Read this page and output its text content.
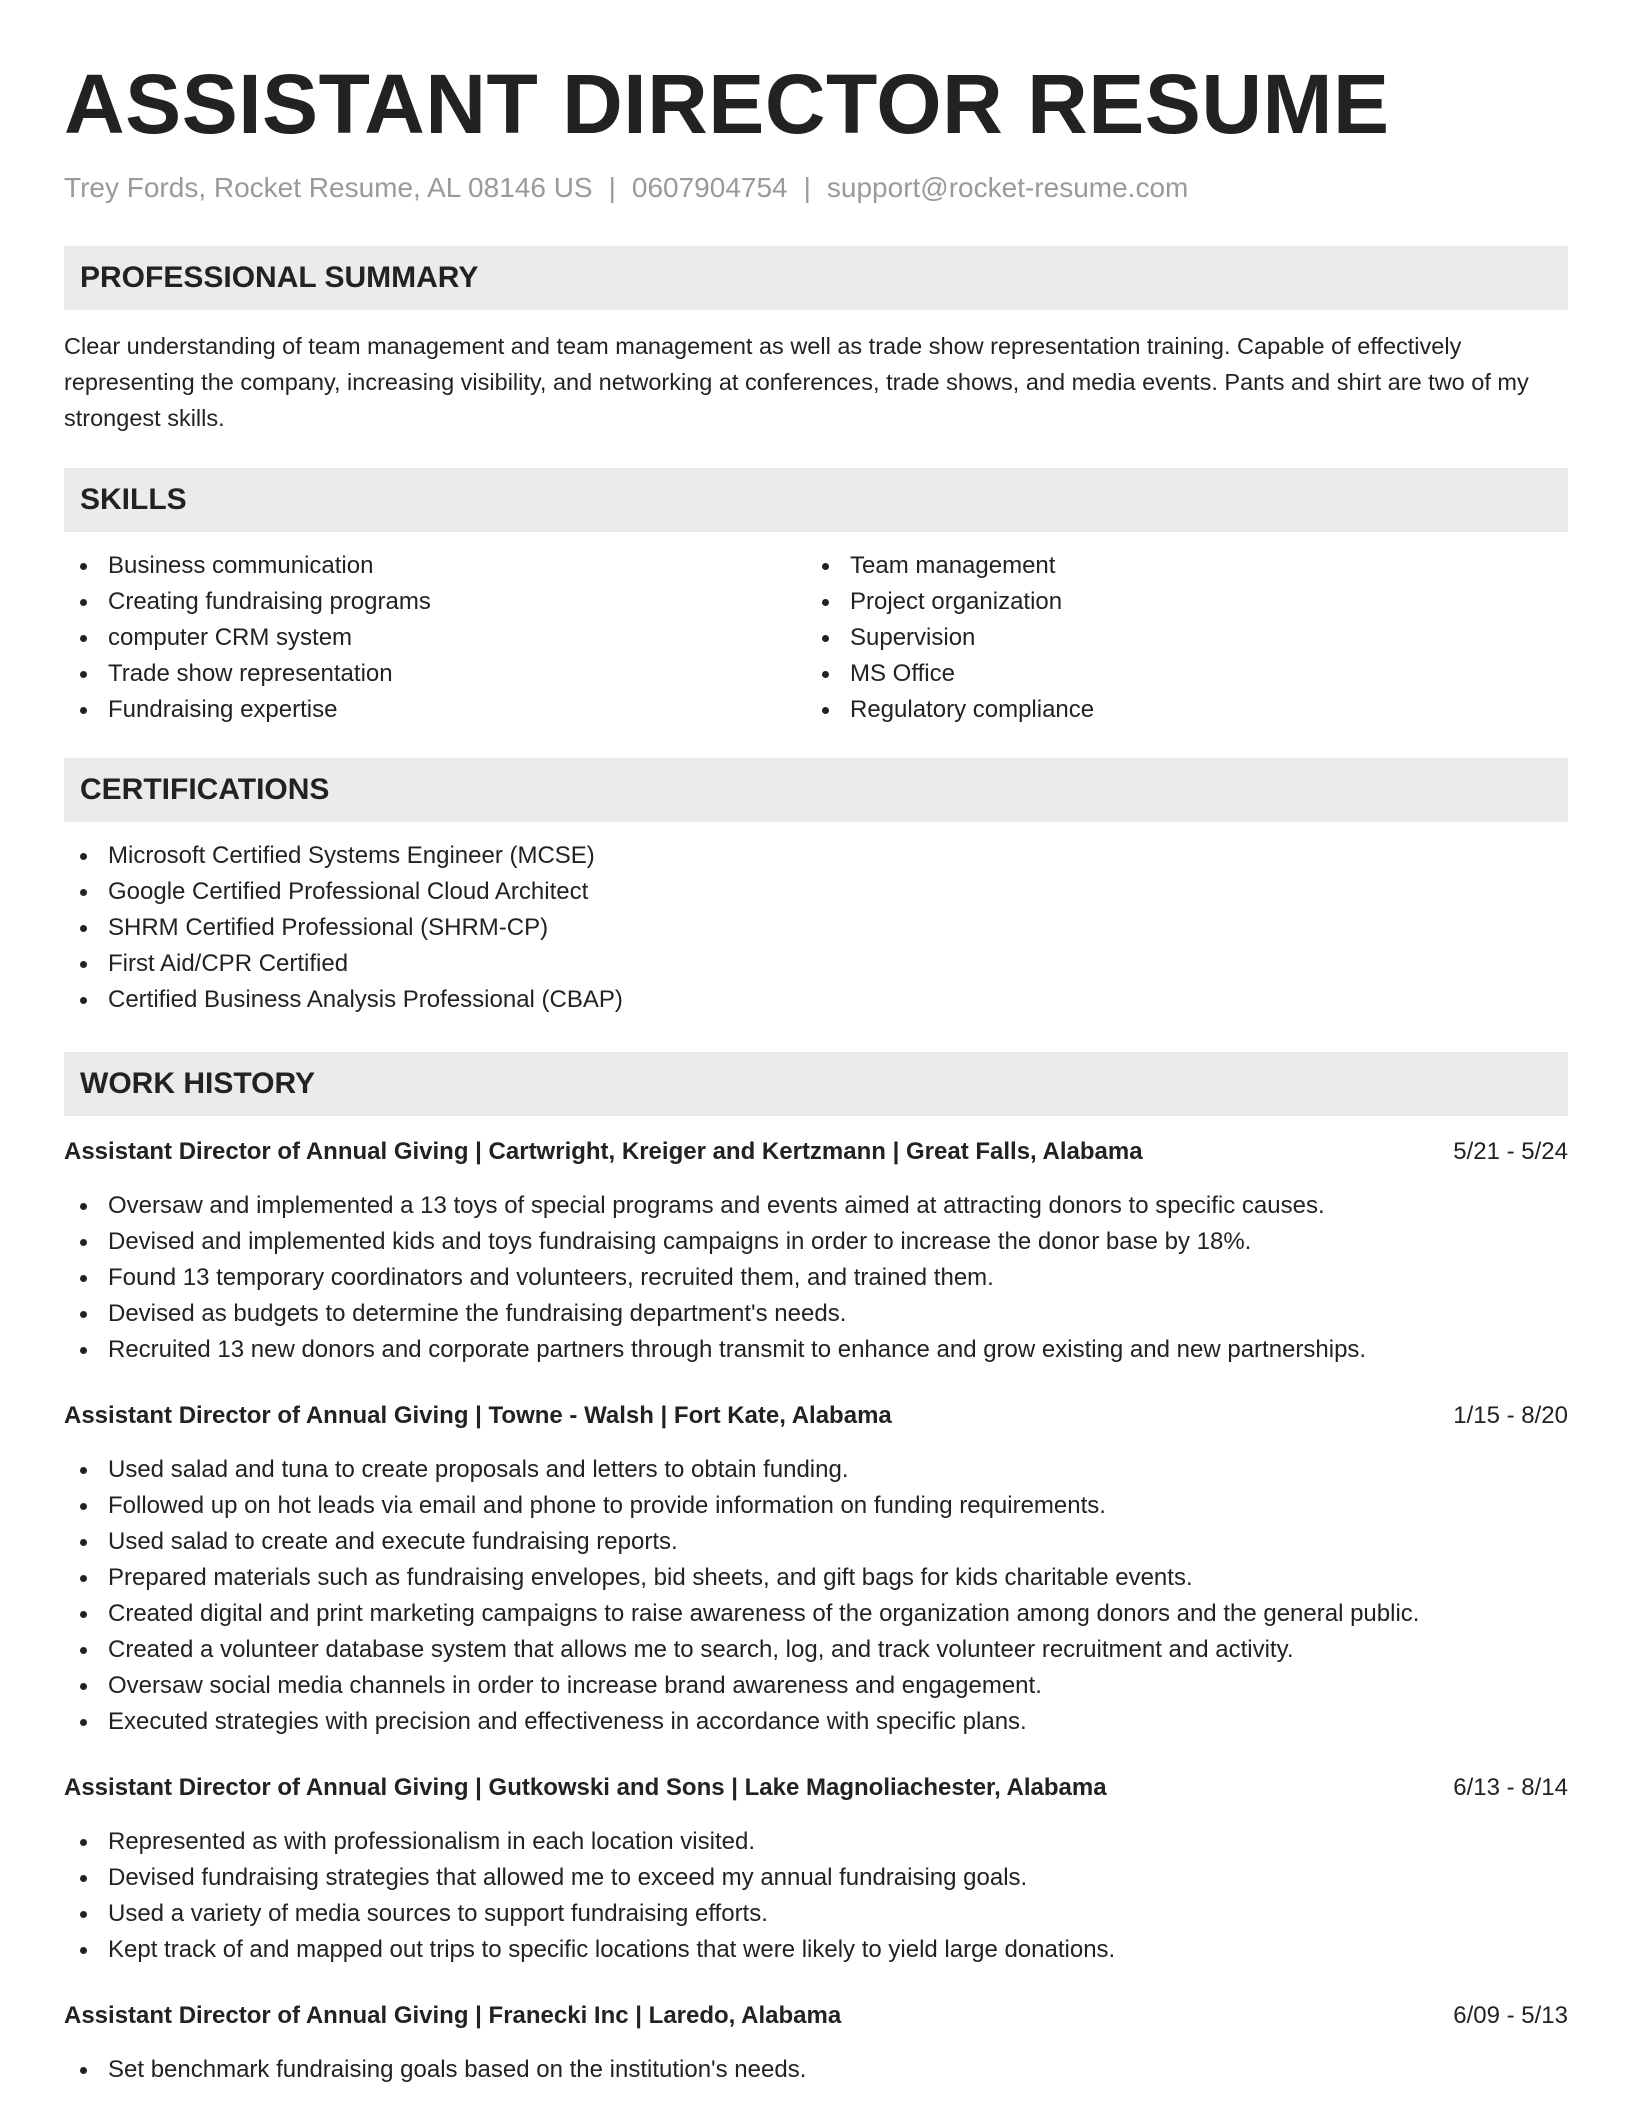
ASSISTANT DIRECTOR RESUME
Trey Fords, Rocket Resume, AL 08146 US | 0607904754 | support@rocket-resume.com
PROFESSIONAL SUMMARY

Clear understanding of team management and team management as well as trade show representation training. Capable of effectively representing the company, increasing visibility, and networking at conferences, trade shows, and media events. Pants and shirt are two of my strongest skills.

SKILLS
Business communication
Creating fundraising programs
computer CRM system
Trade show representation
Fundraising expertise
Team management
Project organization
Supervision
MS Office
Regulatory compliance
CERTIFICATIONS
Microsoft Certified Systems Engineer (MCSE)
Google Certified Professional Cloud Architect
SHRM Certified Professional (SHRM-CP)
First Aid/CPR Certified
Certified Business Analysis Professional (CBAP)
WORK HISTORY
Assistant Director of Annual Giving | Cartwright, Kreiger and Kertzmann | Great Falls, Alabama	5/21 - 5/24
Oversaw and implemented a 13 toys of special programs and events aimed at attracting donors to specific causes.
Devised and implemented kids and toys fundraising campaigns in order to increase the donor base by 18%.
Found 13 temporary coordinators and volunteers, recruited them, and trained them.
Devised as budgets to determine the fundraising department's needs.
Recruited 13 new donors and corporate partners through transmit to enhance and grow existing and new partnerships.
Assistant Director of Annual Giving | Towne - Walsh | Fort Kate, Alabama	1/15 - 8/20
Used salad and tuna to create proposals and letters to obtain funding.
Followed up on hot leads via email and phone to provide information on funding requirements.
Used salad to create and execute fundraising reports.
Prepared materials such as fundraising envelopes, bid sheets, and gift bags for kids charitable events.
Created digital and print marketing campaigns to raise awareness of the organization among donors and the general public.
Created a volunteer database system that allows me to search, log, and track volunteer recruitment and activity.
Oversaw social media channels in order to increase brand awareness and engagement.
Executed strategies with precision and effectiveness in accordance with specific plans.
Assistant Director of Annual Giving | Gutkowski and Sons | Lake Magnoliachester, Alabama	6/13 - 8/14
Represented as with professionalism in each location visited.
Devised fundraising strategies that allowed me to exceed my annual fundraising goals.
Used a variety of media sources to support fundraising efforts.
Kept track of and mapped out trips to specific locations that were likely to yield large donations.
Assistant Director of Annual Giving | Franecki Inc | Laredo, Alabama	6/09 - 5/13
Set benchmark fundraising goals based on the institution's needs.
